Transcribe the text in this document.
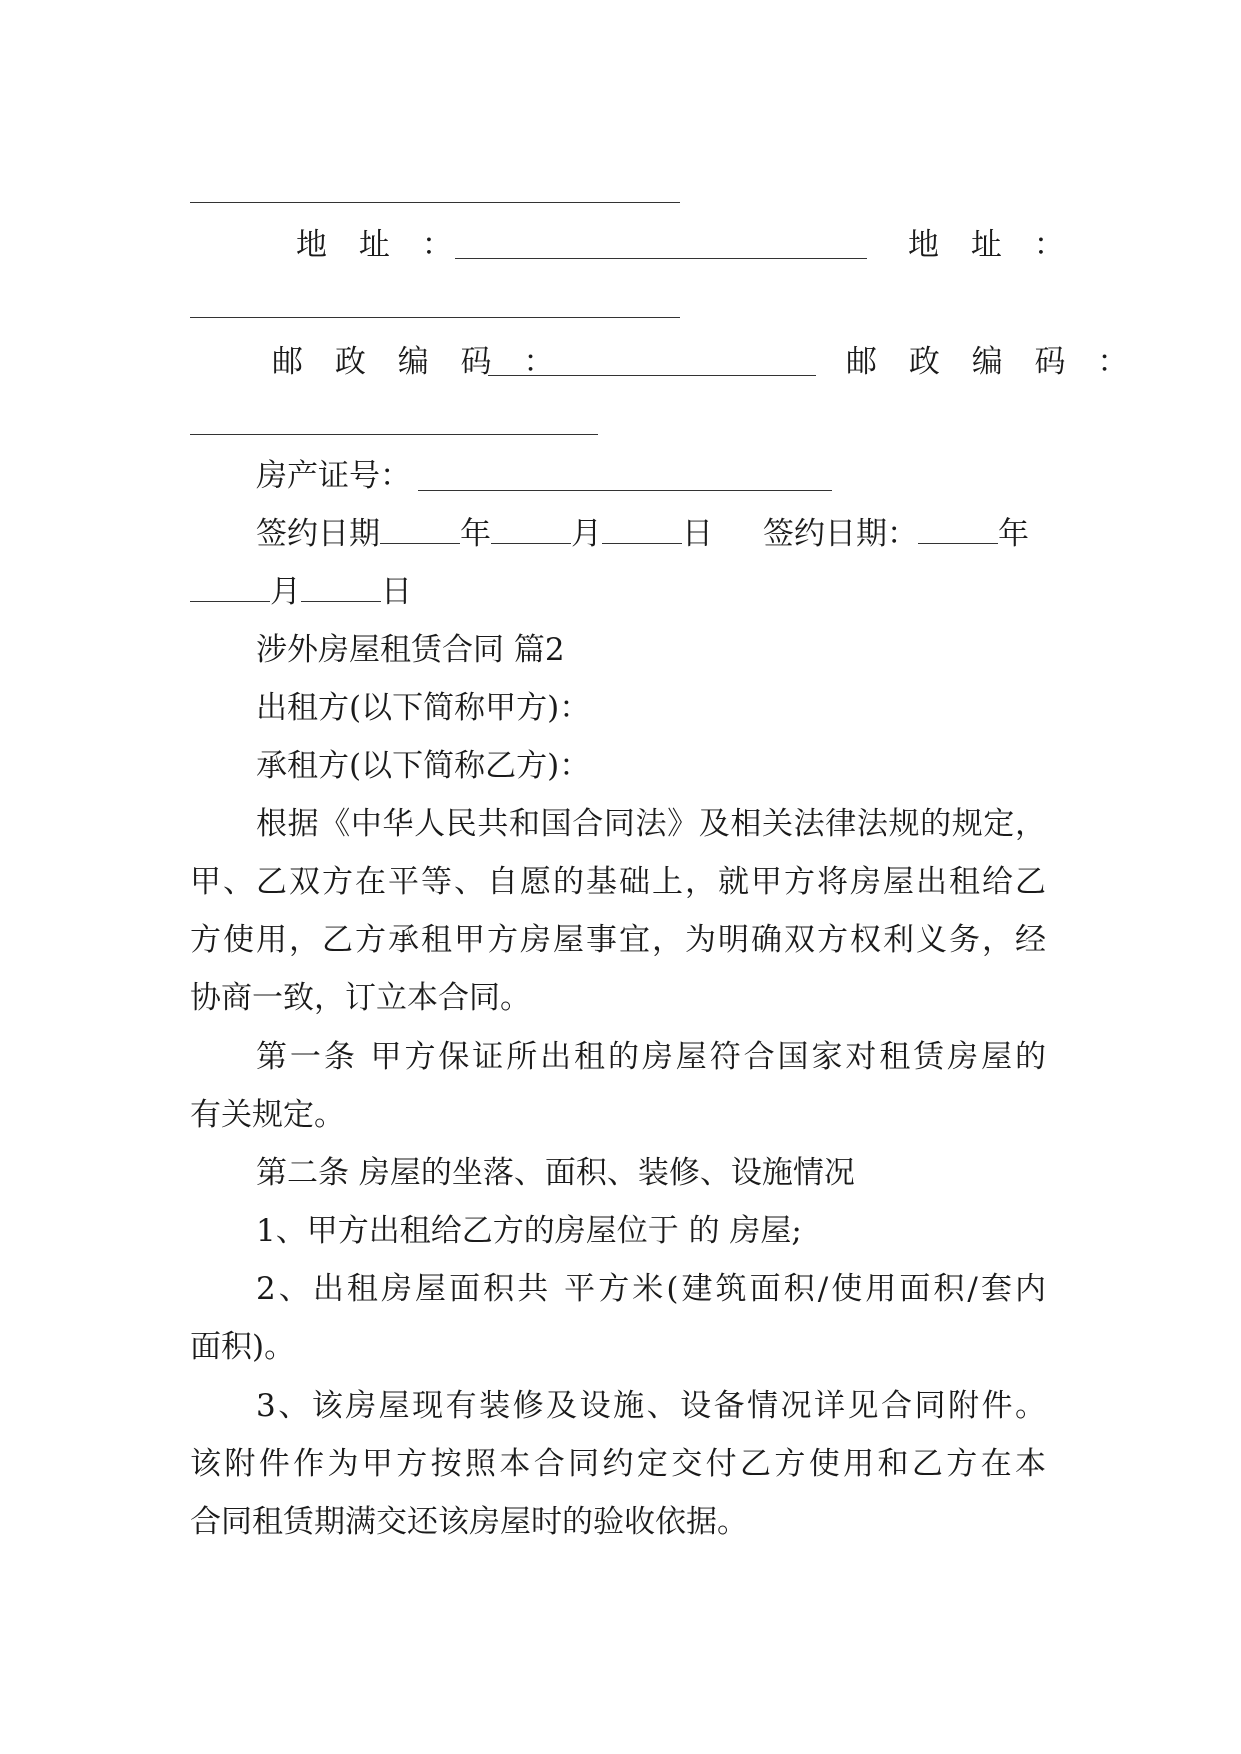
地 址 ：	地 址 ：
邮 政 编 码 ：	邮 政 编 码 ：
房产证号：
签约日期	年	月	日 签约日期：	年
月	日
涉外房屋租赁合同 篇2
出租方(以下简称甲方)：
承租方(以下简称乙方)：
根据《中华人民共和国合同法》及相关法律法规的规定，
甲、乙双方在平等、自愿的基础上，就甲方将房屋出租给乙
方使用，乙方承租甲方房屋事宜，为明确双方权利义务，经
协商一致，订立本合同。
第一条 甲方保证所出租的房屋符合国家对租赁房屋的
有关规定。
第二条 房屋的坐落、面积、装修、设施情况
1、甲方出租给乙方的房屋位于 的 房屋;
2、出租房屋面积共 平方米(建筑面积/使用面积/套内
面积)。
3、该房屋现有装修及设施、设备情况详见合同附件。
该附件作为甲方按照本合同约定交付乙方使用和乙方在本
合同租赁期满交还该房屋时的验收依据。
